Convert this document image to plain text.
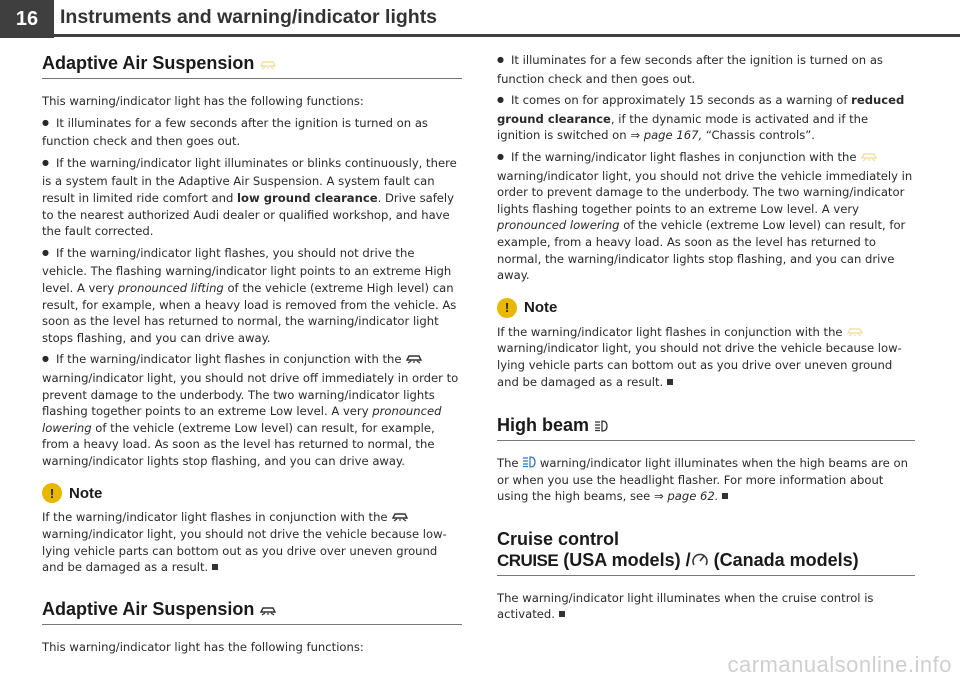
16	Instruments and warning/indicator lights
Adaptive Air Suspension

This warning/indicator light has the following functions:

● It illuminates for a few seconds after the ignition is turned on as function check and then goes out.

● If the warning/indicator light illuminates or blinks continuously, there is a system fault in the Adaptive Air Suspension. A system fault can result in limited ride comfort and low ground clearance. Drive safely to the nearest authorized Audi dealer or qualified workshop, and have the fault corrected.

● If the warning/indicator light flashes, you should not drive the vehicle. The flashing warning/indicator light points to an extreme High level. A very pronounced lifting of the vehicle (extreme High level) can result, for example, when a heavy load is removed from the vehicle. As soon as the level has returned to normal, the warning/indicator light stops flashing, and you can drive away.

● If the warning/indicator light flashes in conjunction with the  warning/indicator light, you should not drive off immediately in order to prevent damage to the underbody. The two warning/indicator lights flashing together points to an extreme Low level. A very pronounced lowering of the vehicle (extreme Low level) can result, for example, from a heavy load. As soon as the level has returned to normal, the warning/indicator lights stop flashing, and you can drive away.

! Note

If the warning/indicator light flashes in conjunction with the  warning/indicator light, you should not drive the vehicle because low-lying vehicle parts can bottom out as you drive over uneven ground and be damaged as a result.

Adaptive Air Suspension

This warning/indicator light has the following functions:

● It illuminates for a few seconds after the ignition is turned on as function check and then goes out.

● It comes on for approximately 15 seconds as a warning of reduced ground clearance, if the dynamic mode is activated and if the ignition is switched on ⇒ page 167, “Chassis controls”.

● If the warning/indicator light flashes in conjunction with the  warning/indicator light, you should not drive the vehicle immediately in order to prevent damage to the underbody. The two warning/indicator lights flashing together points to an extreme Low level. A very pronounced lowering of the vehicle (extreme Low level) can result, for example, from a heavy load. As soon as the level has returned to normal, the warning/indicator lights stop flashing, and you can drive away.

! Note

If the warning/indicator light flashes in conjunction with the  warning/indicator light, you should not drive the vehicle because low-lying vehicle parts can bottom out as you drive over uneven ground and be damaged as a result.

High beam

The  warning/indicator light illuminates when the high beams are on or when you use the headlight flasher. For more information about using the high beams, see ⇒ page 62.

Cruise control
CRUISE (USA models) / (Canada models)

The warning/indicator light illuminates when the cruise control is activated.

carmanualsonline.info
